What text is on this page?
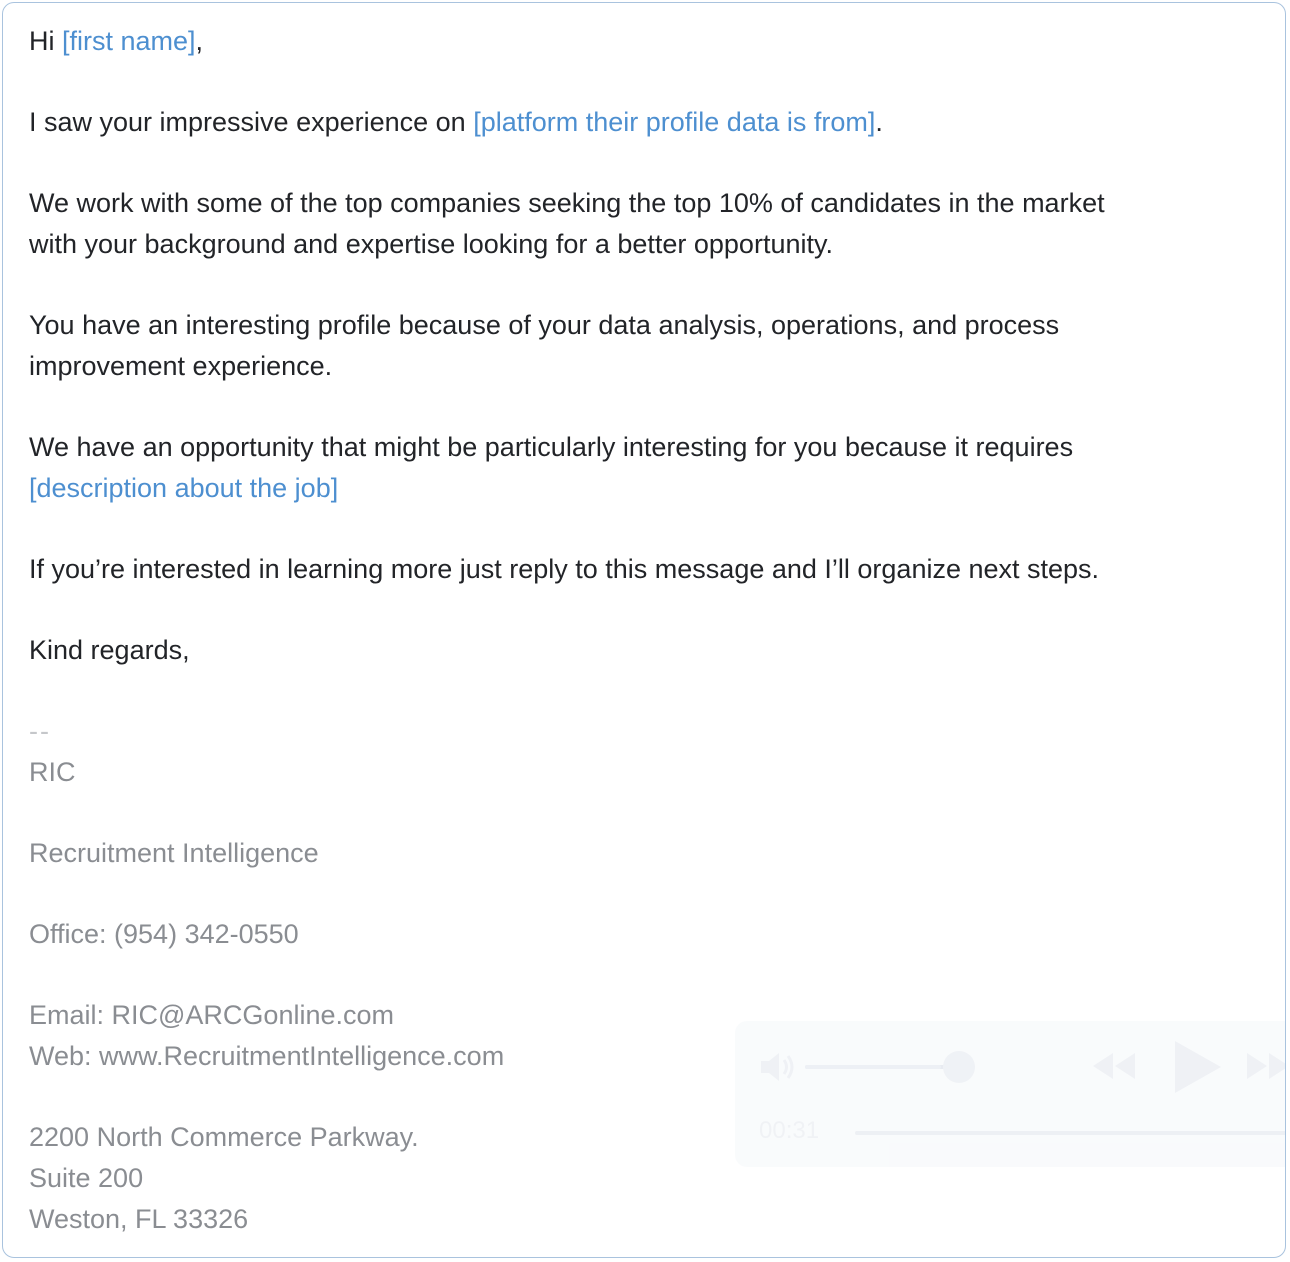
Hi [first name],

I saw your impressive experience on [platform their profile data is from].

We work with some of the top companies seeking the top 10% of candidates in the market
with your background and expertise looking for a better opportunity.

You have an interesting profile because of your data analysis, operations, and process
improvement experience.

We have an opportunity that might be particularly interesting for you because it requires
[description about the job]

If you’re interested in learning more just reply to this message and I’ll organize next steps.

Kind regards,

--

RIC

Recruitment Intelligence

Office: (954) 342-0550

Email: RIC@ARCGonline.com

Web: www.RecruitmentIntelligence.com

2200 North Commerce Parkway.

Suite 200

Weston, FL 33326

00:31
